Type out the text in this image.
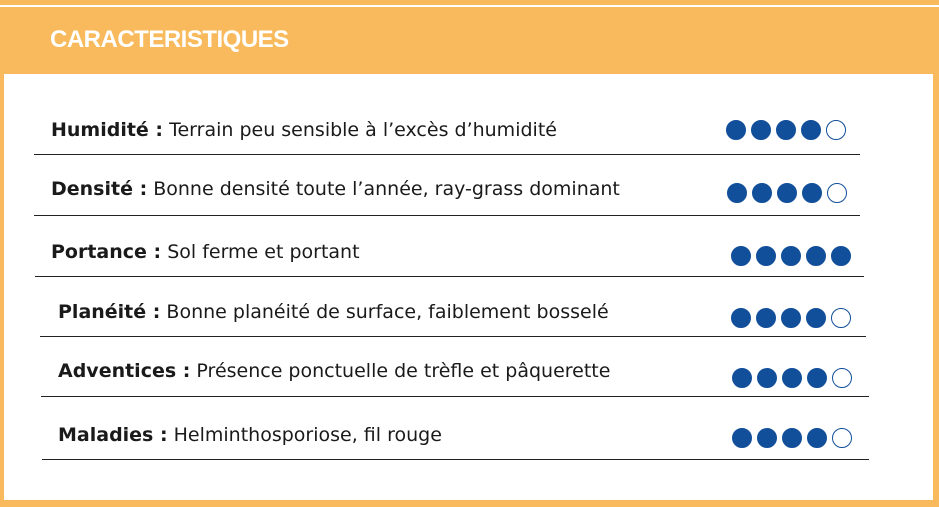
CARACTERISTIQUES
Humidité : Terrain peu sensible à l’excès d’humidité
Densité : Bonne densité toute l’année, ray-grass dominant
Portance : Sol ferme et portant
Planéité : Bonne planéité de surface, faiblement bosselé
Adventices : Présence ponctuelle de trèfle et pâquerette
Maladies : Helminthosporiose, fil rouge
